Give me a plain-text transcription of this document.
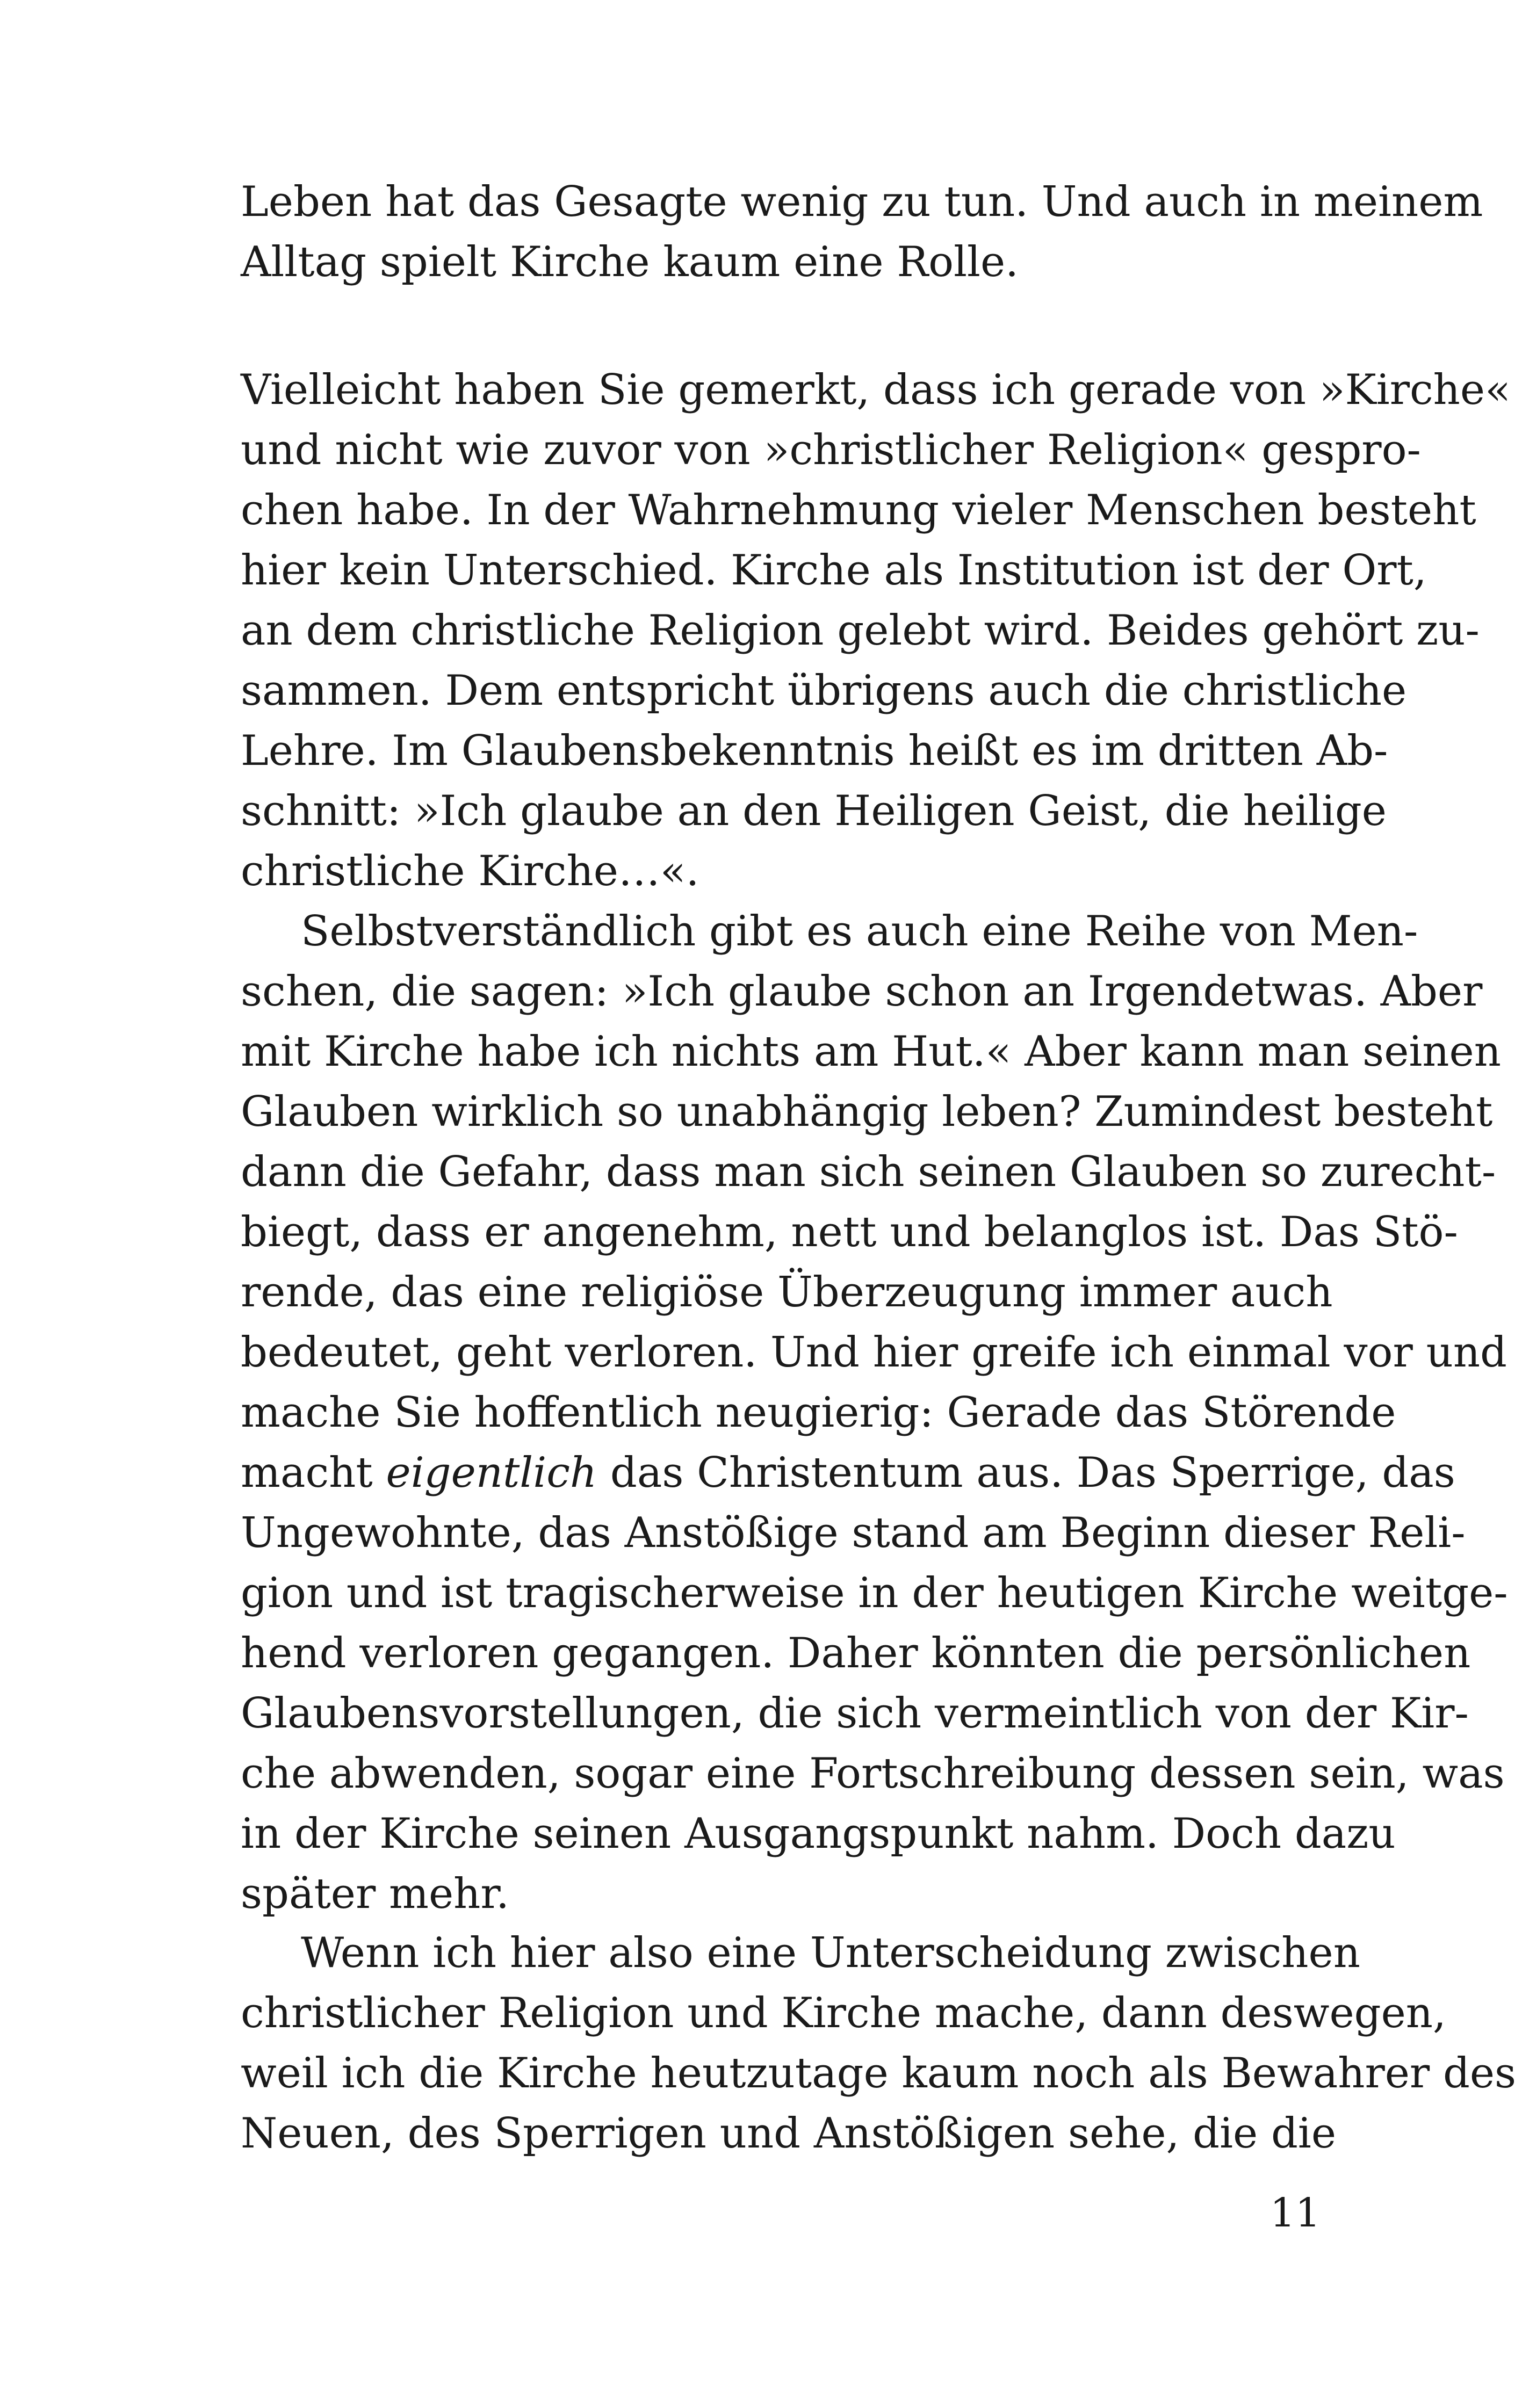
Leben hat das Gesagte wenig zu tun. Und auch in meinem
Alltag spielt Kirche kaum eine Rolle.
Vielleicht haben Sie gemerkt, dass ich gerade von »Kirche«
und nicht wie zuvor von »christlicher Religion« gespro-
chen habe. In der Wahrnehmung vieler Menschen besteht
hier kein Unterschied. Kirche als Institution ist der Ort,
an dem christliche Religion gelebt wird. Beides gehört zu-
sammen. Dem entspricht übrigens auch die christliche
Lehre. Im Glaubensbekenntnis heißt es im dritten Ab-
schnitt: »Ich glaube an den Heiligen Geist, die heilige
christliche Kirche…«.
Selbstverständlich gibt es auch eine Reihe von Men-
schen, die sagen: »Ich glaube schon an Irgendetwas. Aber
mit Kirche habe ich nichts am Hut.« Aber kann man seinen
Glauben wirklich so unabhängig leben? Zumindest besteht
dann die Gefahr, dass man sich seinen Glauben so zurecht-
biegt, dass er angenehm, nett und belanglos ist. Das Stö-
rende, das eine religiöse Überzeugung immer auch
bedeutet, geht verloren. Und hier greife ich einmal vor und
mache Sie hoffentlich neugierig: Gerade das Störende
macht eigentlich das Christentum aus. Das Sperrige, das
Ungewohnte, das Anstößige stand am Beginn dieser Reli-
gion und ist tragischerweise in der heutigen Kirche weitge-
hend verloren gegangen. Daher könnten die persönlichen
Glaubensvorstellungen, die sich vermeintlich von der Kir-
che abwenden, sogar eine Fortschreibung dessen sein, was
in der Kirche seinen Ausgangspunkt nahm. Doch dazu
später mehr.
Wenn ich hier also eine Unterscheidung zwischen
christlicher Religion und Kirche mache, dann deswegen,
weil ich die Kirche heutzutage kaum noch als Bewahrer des
Neuen, des Sperrigen und Anstößigen sehe, die die
11
